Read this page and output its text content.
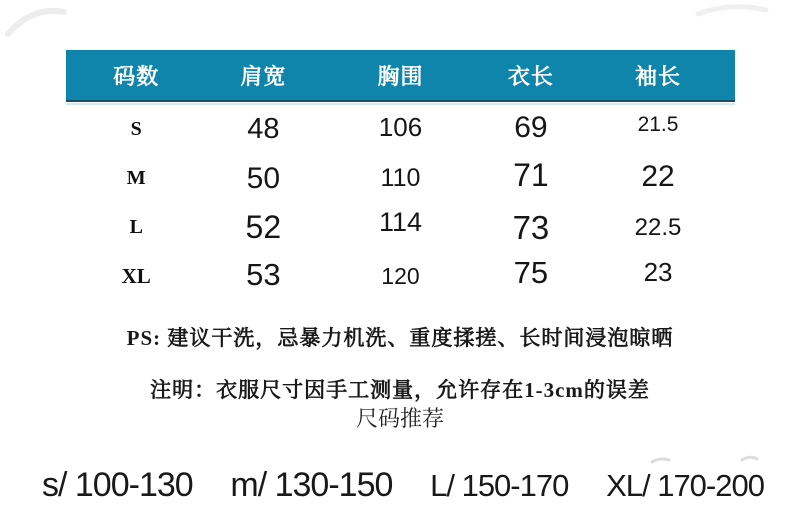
码数	肩宽	胸围	衣长	袖长
S	48	106	69	21.5
M	50	110	71	22
L	52	114	73	22.5
XL	53	120	75	23
PS: 建议干洗，忌暴力机洗、重度揉搓、长时间浸泡晾晒
注明：衣服尺寸因手工测量，允许存在1-3cm的误差
尺码推荐
s/ 100-130 m/ 130-150 L/ 150-170 XL/ 170-200
